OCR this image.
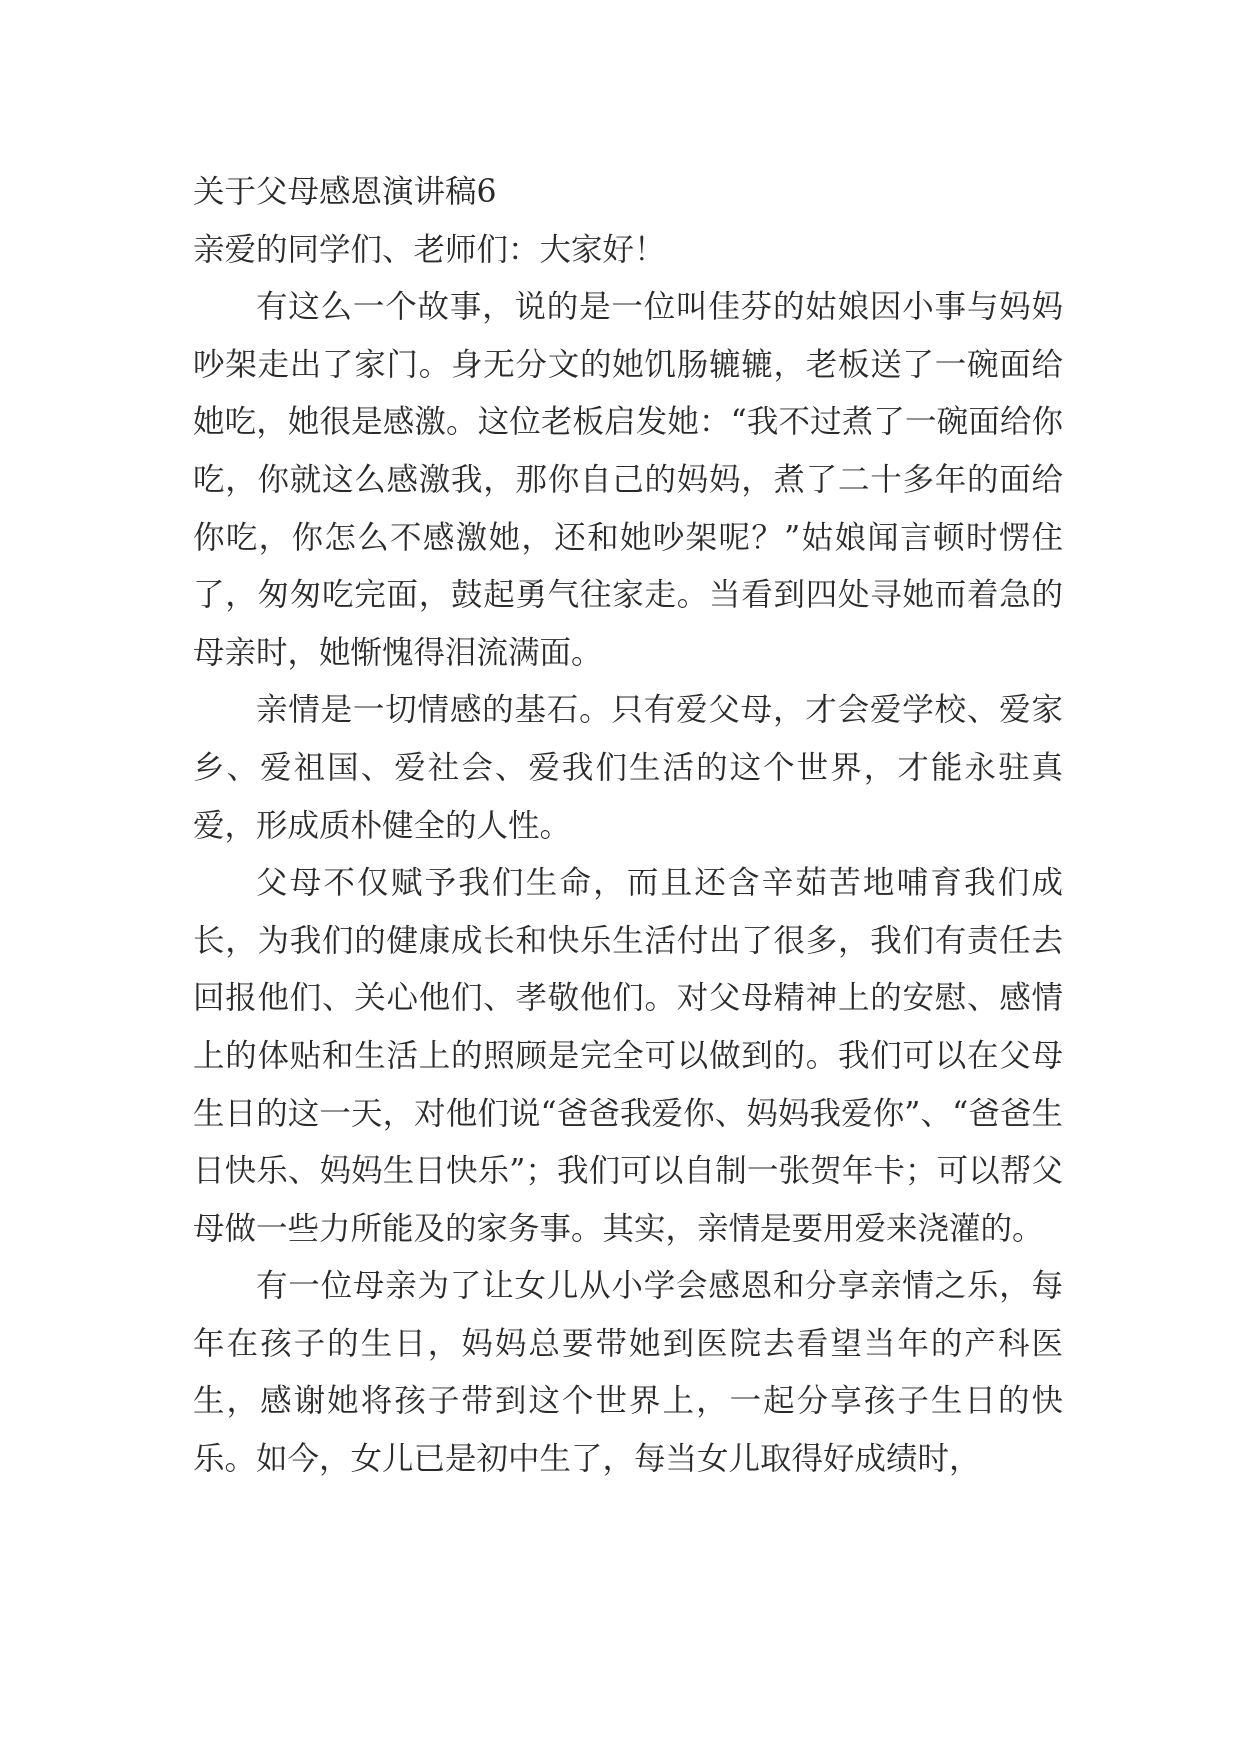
关于父母感恩演讲稿6

亲爱的同学们、老师们：大家好！

有这么一个故事，说的是一位叫佳芬的姑娘因小事与妈妈吵架走出了家门。身无分文的她饥肠辘辘，老板送了一碗面给她吃，她很是感激。这位老板启发她：“我不过煮了一碗面给你吃，你就这么感激我，那你自己的妈妈，煮了二十多年的面给你吃，你怎么不感激她，还和她吵架呢？”姑娘闻言顿时愣住了，匆匆吃完面，鼓起勇气往家走。当看到四处寻她而着急的母亲时，她惭愧得泪流满面。

亲情是一切情感的基石。只有爱父母，才会爱学校、爱家乡、爱祖国、爱社会、爱我们生活的这个世界，才能永驻真爱，形成质朴健全的人性。

父母不仅赋予我们生命，而且还含辛茹苦地哺育我们成长，为我们的健康成长和快乐生活付出了很多，我们有责任去回报他们、关心他们、孝敬他们。对父母精神上的安慰、感情上的体贴和生活上的照顾是完全可以做到的。我们可以在父母生日的这一天，对他们说“爸爸我爱你、妈妈我爱你”、“爸爸生日快乐、妈妈生日快乐”；我们可以自制一张贺年卡；可以帮父母做一些力所能及的家务事。其实，亲情是要用爱来浇灌的。

有一位母亲为了让女儿从小学会感恩和分享亲情之乐，每年在孩子的生日，妈妈总要带她到医院去看望当年的产科医生，感谢她将孩子带到这个世界上，一起分享孩子生日的快乐。如今，女儿已是初中生了，每当女儿取得好成绩时，
